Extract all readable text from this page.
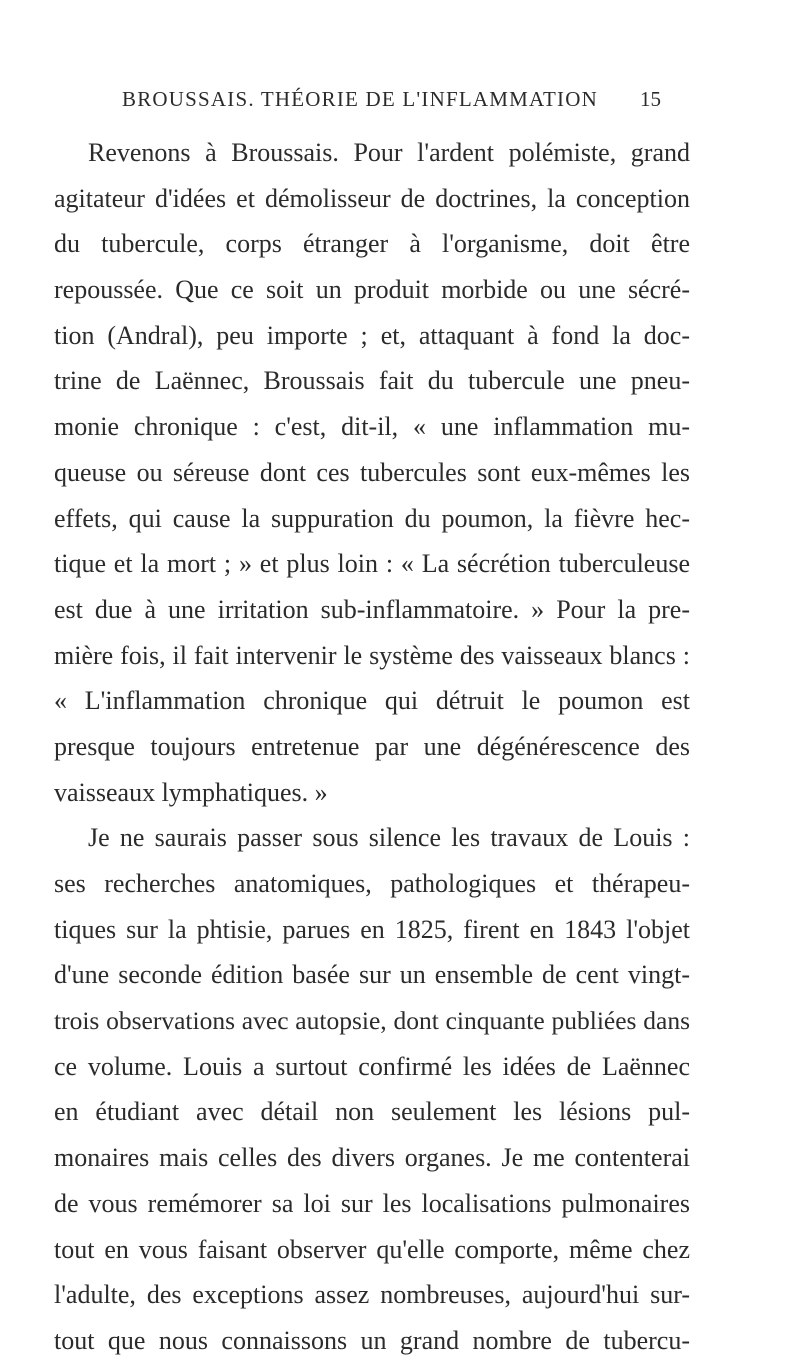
BROUSSAIS. THÉORIE DE L'INFLAMMATION	15
Revenons à Broussais. Pour l'ardent polémiste, grand
agitateur d'idées et démolisseur de doctrines, la conception
du tubercule, corps étranger à l'organisme, doit être
repoussée. Que ce soit un produit morbide ou une sécré-
tion (Andral), peu importe ; et, attaquant à fond la doc-
trine de Laënnec, Broussais fait du tubercule une pneu-
monie chronique : c'est, dit-il, « une inflammation mu-
queuse ou séreuse dont ces tubercules sont eux-mêmes les
effets, qui cause la suppuration du poumon, la fièvre hec-
tique et la mort ; » et plus loin : « La sécrétion tuberculeuse
est due à une irritation sub-inflammatoire. » Pour la pre-
mière fois, il fait intervenir le système des vaisseaux blancs :
« L'inflammation chronique qui détruit le poumon est
presque toujours entretenue par une dégénérescence des
vaisseaux lymphatiques. »
Je ne saurais passer sous silence les travaux de Louis :
ses recherches anatomiques, pathologiques et thérapeu-
tiques sur la phtisie, parues en 1825, firent en 1843 l'objet
d'une seconde édition basée sur un ensemble de cent vingt-
trois observations avec autopsie, dont cinquante publiées dans
ce volume. Louis a surtout confirmé les idées de Laënnec
en étudiant avec détail non seulement les lésions pul-
monaires mais celles des divers organes. Je me contenterai
de vous remémorer sa loi sur les localisations pulmonaires
tout en vous faisant observer qu'elle comporte, même chez
l'adulte, des exceptions assez nombreuses, aujourd'hui sur-
tout que nous connaissons un grand nombre de tubercu-
